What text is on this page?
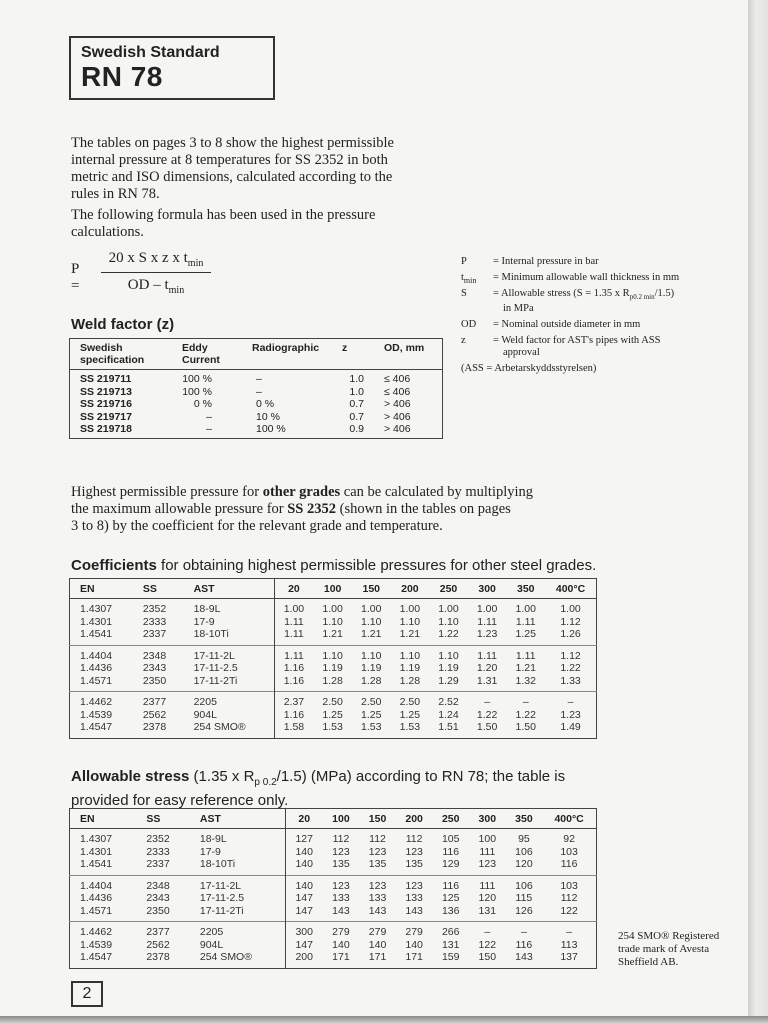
Swedish Standard
RN 78
The tables on pages 3 to 8 show the highest permissible
internal pressure at 8 temperatures for SS 2352 in both
metric and ISO dimensions, calculated according to the
rules in RN 78.
The following formula has been used in the pressure
calculations.
P =
20 x S x z x $t_{min}$
OD – $t_{min}$
P	= Internal pressure in bar
$t_{min}$	= Minimum allowable wall thickness in mm
S	= Allowable stress (S = 1.35 x $R_{p0.2 min}/1.5$)
in MPa
OD	= Nominal outside diameter in mm
z	= Weld factor for AST's pipes with ASS
approval
(ASS = Arbetarskyddsstyrelsen)
Weld factor (z)
Swedish specification	Eddy Current	Radiographic	z	OD, mm
SS 219711	100 %	–	1.0	≤ 406
SS 219713	100 %	–	1.0	≤ 406
SS 219716	0 %	0 %	0.7	> 406
SS 219717	–	10 %	0.7	> 406
SS 219718	–	100 %	0.9	> 406
Highest permissible pressure for other grades can be calculated by multiplying
the maximum allowable pressure for SS 2352 (shown in the tables on pages
3 to 8) by the coefficient for the relevant grade and temperature.
Coefficients for obtaining highest permissible pressures for other steel grades.
EN	SS	AST	20	100	150	200	250	300	350	400°C
1.4307	2352	18-9L	1.00	1.00	1.00	1.00	1.00	1.00	1.00	1.00
1.4301	2333	17-9	1.11	1.10	1.10	1.10	1.10	1.11	1.11	1.12
1.4541	2337	18-10Ti	1.11	1.21	1.21	1.21	1.22	1.23	1.25	1.26
1.4404	2348	17-11-2L	1.11	1.10	1.10	1.10	1.10	1.11	1.11	1.12
1.4436	2343	17-11-2.5	1.16	1.19	1.19	1.19	1.19	1.20	1.21	1.22
1.4571	2350	17-11-2Ti	1.16	1.28	1.28	1.28	1.29	1.31	1.32	1.33
1.4462	2377	2205	2.37	2.50	2.50	2.50	2.52	–	–	–
1.4539	2562	904L	1.16	1.25	1.25	1.25	1.24	1.22	1.22	1.23
1.4547	2378	254 SMO®	1.58	1.53	1.53	1.53	1.51	1.50	1.50	1.49
Allowable stress (1.35 x $R_{p 0.2}/1.5$) (MPa) according to RN 78; the table is
provided for easy reference only.
EN	SS	AST	20	100	150	200	250	300	350	400°C
1.4307	2352	18-9L	127	112	112	112	105	100	95	92
1.4301	2333	17-9	140	123	123	123	116	111	106	103
1.4541	2337	18-10Ti	140	135	135	135	129	123	120	116
1.4404	2348	17-11-2L	140	123	123	123	116	111	106	103
1.4436	2343	17-11-2.5	147	133	133	133	125	120	115	112
1.4571	2350	17-11-2Ti	147	143	143	143	136	131	126	122
1.4462	2377	2205	300	279	279	279	266	–	–	–
1.4539	2562	904L	147	140	140	140	131	122	116	113
1.4547	2378	254 SMO®	200	171	171	171	159	150	143	137
254 SMO® Registered
trade mark of Avesta
Sheffield AB.
2
